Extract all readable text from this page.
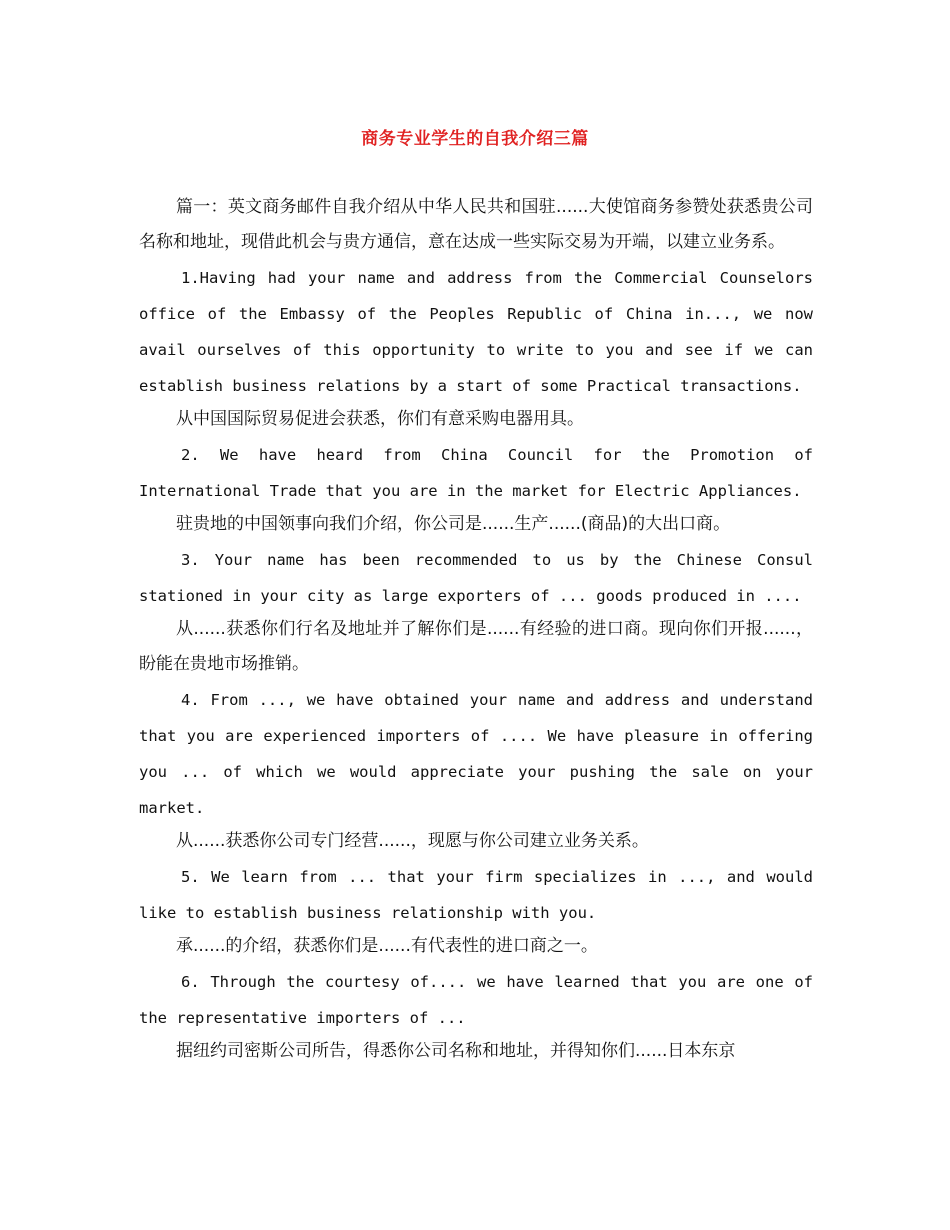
商务专业学生的自我介绍三篇

篇一：英文商务邮件自我介绍从中华人民共和国驻......大使馆商务参赞处获悉贵公司名称和地址，现借此机会与贵方通信，意在达成一些实际交易为开端，以建立业务系。

1.Having had your name and address from the Commercial Counselors office of the Embassy of the Peoples Republic of China in..., we now avail ourselves of this opportunity to write to you and see if we can establish business relations by a start of some Practical transactions.

从中国国际贸易促进会获悉，你们有意采购电器用具。

2. We have heard from China Council for the Promotion of International Trade that you are in the market for Electric Appliances.

驻贵地的中国领事向我们介绍，你公司是......生产......(商品)的大出口商。

3. Your name has been recommended to us by the Chinese Consul stationed in your city as large exporters of ... goods produced in ....

从......获悉你们行名及地址并了解你们是......有经验的进口商。现向你们开报......，盼能在贵地市场推销。

4. From ..., we have obtained your name and address and understand that you are experienced importers of .... We have pleasure in offering you ... of which we would appreciate your pushing the sale on your market.

从......获悉你公司专门经营......，现愿与你公司建立业务关系。

5. We learn from ... that your firm specializes in ..., and would like to establish business relationship with you.

承......的介绍，获悉你们是......有代表性的进口商之一。

6. Through the courtesy of.... we have learned that you are one of the representative importers of ...

据纽约司密斯公司所告，得悉你公司名称和地址，并得知你们......日本东京
